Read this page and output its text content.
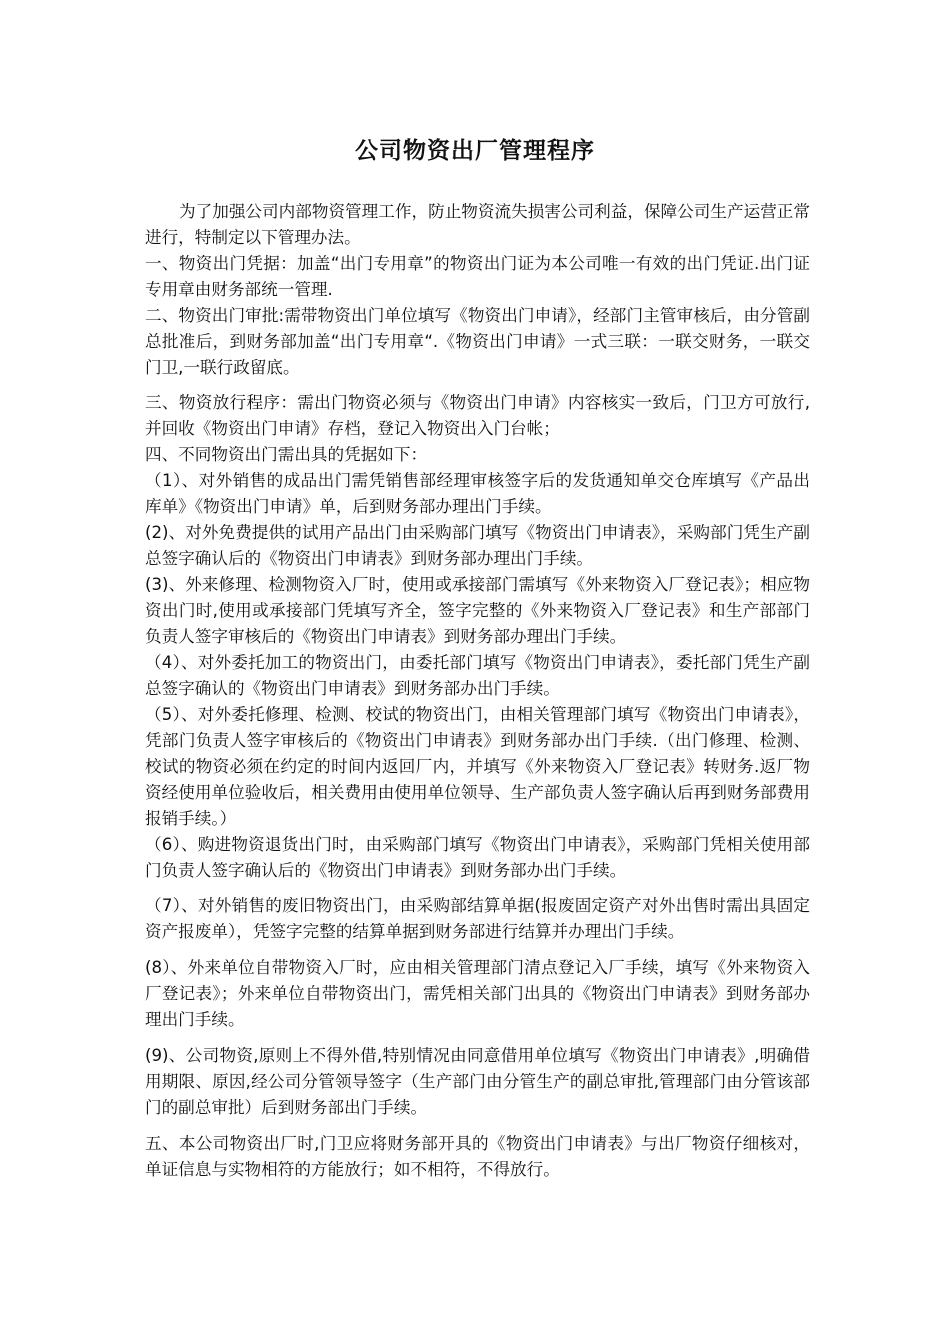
公司物资出厂管理程序

为了加强公司内部物资管理工作，防止物资流失损害公司利益，保障公司生产运营正常进行，特制定以下管理办法。

一、物资出门凭据：加盖“出门专用章”的物资出门证为本公司唯一有效的出门凭证.出门证专用章由财务部统一管理.

二、物资出门审批:需带物资出门单位填写《物资出门申请》，经部门主管审核后，由分管副总批准后，到财务部加盖“出门专用章“.《物资出门申请》一式三联：一联交财务，一联交门卫,一联行政留底。

三、物资放行程序：需出门物资必须与《物资出门申请》内容核实一致后，门卫方可放行,并回收《物资出门申请》存档，登记入物资出入门台帐；

四、不同物资出门需出具的凭据如下：

（1）、对外销售的成品出门需凭销售部经理审核签字后的发货通知单交仓库填写《产品出库单》《物资出门申请》单，后到财务部办理出门手续。

(2)、对外免费提供的试用产品出门由采购部门填写《物资出门申请表》，采购部门凭生产副总签字确认后的《物资出门申请表》到财务部办理出门手续。

(3)、外来修理、检测物资入厂时，使用或承接部门需填写《外来物资入厂登记表》；相应物资出门时,使用或承接部门凭填写齐全，签字完整的《外来物资入厂登记表》和生产部部门负责人签字审核后的《物资出门申请表》到财务部办理出门手续。

（4）、对外委托加工的物资出门，由委托部门填写《物资出门申请表》，委托部门凭生产副总签字确认的《物资出门申请表》到财务部办出门手续。

（5）、对外委托修理、检测、校试的物资出门，由相关管理部门填写《物资出门申请表》， 凭部门负责人签字审核后的《物资出门申请表》到财务部办出门手续.（出门修理、检测、校试的物资必须在约定的时间内返回厂内，并填写《外来物资入厂登记表》转财务.返厂物资经使用单位验收后，相关费用由使用单位领导、生产部负责人签字确认后再到财务部费用报销手续。）

（6）、购进物资退货出门时，由采购部门填写《物资出门申请表》，采购部门凭相关使用部门负责人签字确认后的《物资出门申请表》到财务部办出门手续。

（7）、对外销售的废旧物资出门，由采购部结算单据(报废固定资产对外出售时需出具固定资产报废单），凭签字完整的结算单据到财务部进行结算并办理出门手续。

(8）、外来单位自带物资入厂时，应由相关管理部门清点登记入厂手续，填写《外来物资入厂登记表》；外来单位自带物资出门，需凭相关部门出具的《物资出门申请表》到财务部办理出门手续。

(9)、公司物资,原则上不得外借,特别情况由同意借用单位填写《物资出门申请表》,明确借用期限、原因,经公司分管领导签字（生产部门由分管生产的副总审批,管理部门由分管该部门的副总审批）后到财务部出门手续。

五、本公司物资出厂时,门卫应将财务部开具的《物资出门申请表》与出厂物资仔细核对，单证信息与实物相符的方能放行；如不相符，不得放行。
